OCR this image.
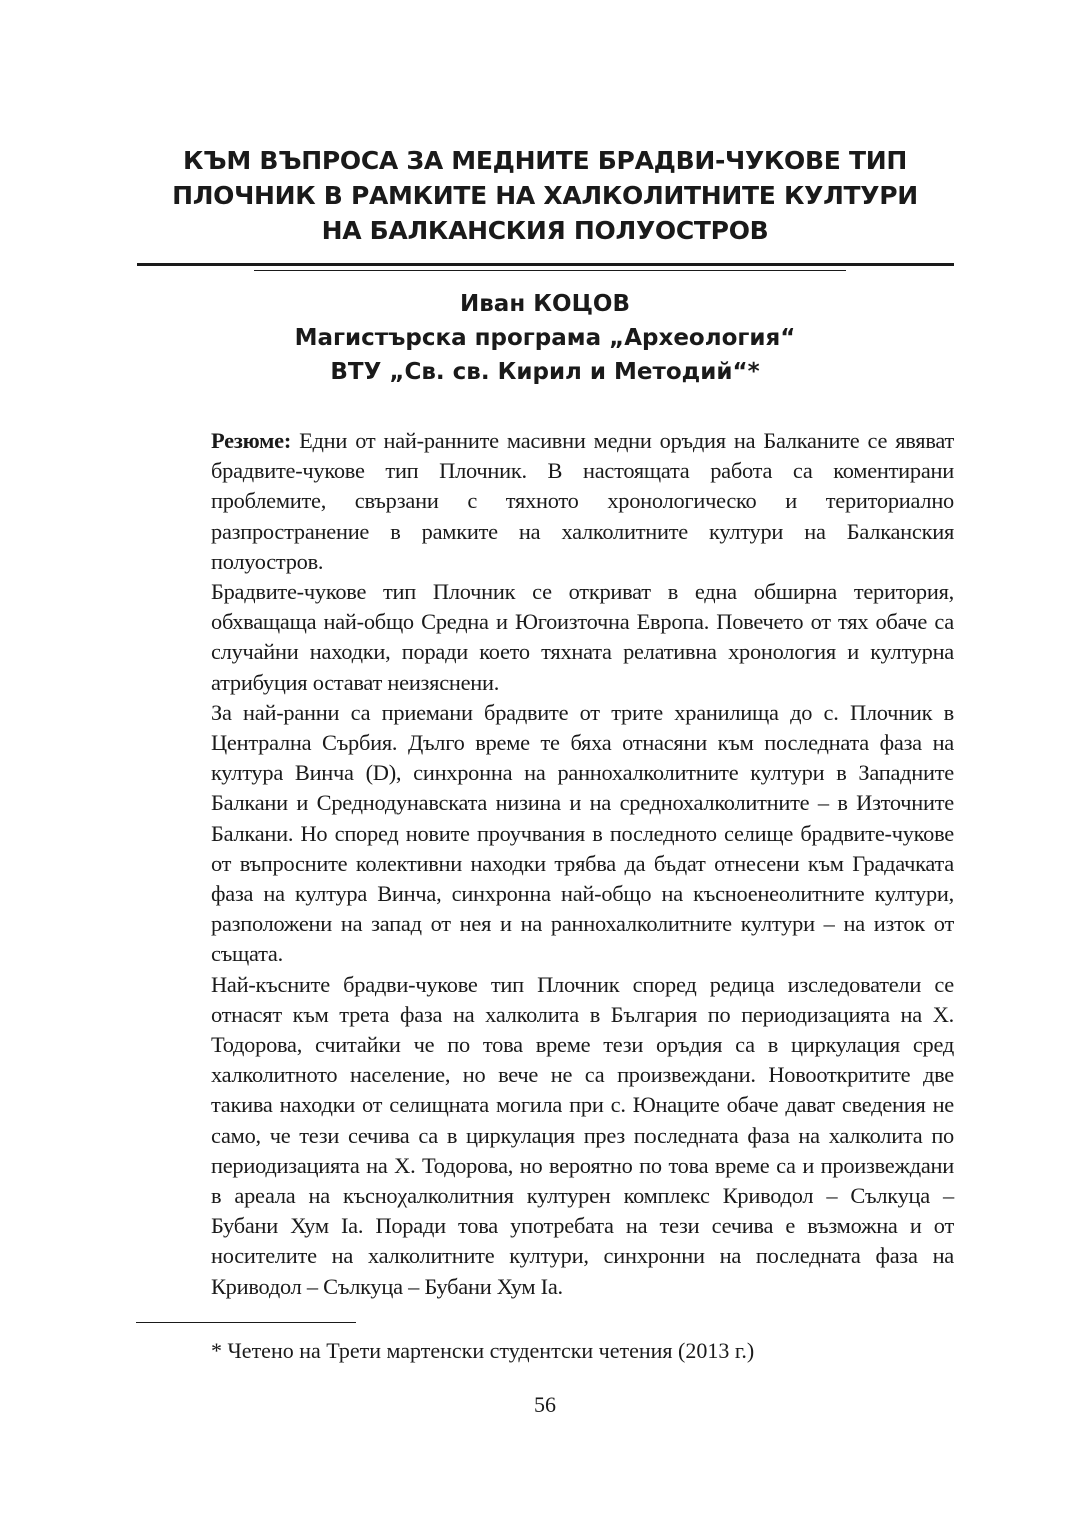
КЪМ ВЪПРОСА ЗА МЕДНИТЕ БРАДВИ-ЧУКОВЕ ТИП
ПЛОЧНИК В РАМКИТЕ НА ХАЛКОЛИТНИТЕ КУЛТУРИ
НА БАЛКАНСКИЯ ПОЛУОСТРОВ
Иван КОЦОВ
Магистърска програма „Археология“
ВТУ „Св. св. Кирил и Методий“*

Резюме: Едни от най-ранните масивни медни оръдия на Балканите се явяват брадвите-чукове тип Плочник. В настоящата работа са коментирани проблемите, свързани с тяхното хронологическо и териториално разпространение в рамките на халколитните култури на Балканския полуостров.

Брадвите-чукове тип Плочник се откриват в една обширна територия, обхващаща най-общо Средна и Югоизточна Европа. Повечето от тях обаче са случайни находки, поради което тяхната релативна хронология и културна атрибуция остават неизяснени.

За най-ранни са приемани брадвите от трите хранилища до с. Плочник в Централна Сърбия. Дълго време те бяха отнасяни към последната фаза на култура Винча (D), синхронна на раннохалколитните култури в Западните Балкани и Среднодунавската низина и на среднохалколитните – в Източните Балкани. Но според новите проучвания в последното селище брадвите-чукове от въпросните колективни находки трябва да бъдат отнесени към Градачката фаза на култура Винча, синхронна най-общо на късноенеолитните култури, разположени на запад от нея и на раннохалколитните култури – на изток от същата.

Най-късните брадви-чукове тип Плочник според редица изследователи се отнасят към трета фаза на халколита в България по периодизацията на Х. Тодорова, считайки че по това време тези оръдия са в циркулация сред халколитното население, но вече не са произвеждани. Новооткритите две такива находки от селищната могила при с. Юнаците обаче дават сведения не само, че тези сечива са в циркулация през последната фаза на халколита по периодизацията на Х. Тодорова, но вероятно по това време са и произвеждани в ареала на късноχалколитния културен комплекс Криводол – Сълкуца – Бубани Хум Iа. Поради това употребата на тези сечива е възможна и от носителите на халколитните култури, синхронни на последната фаза на Криводол – Сълкуца – Бубани Хум Iа.

* Четено на Трети мартенски студентски четения (2013 г.)
56
